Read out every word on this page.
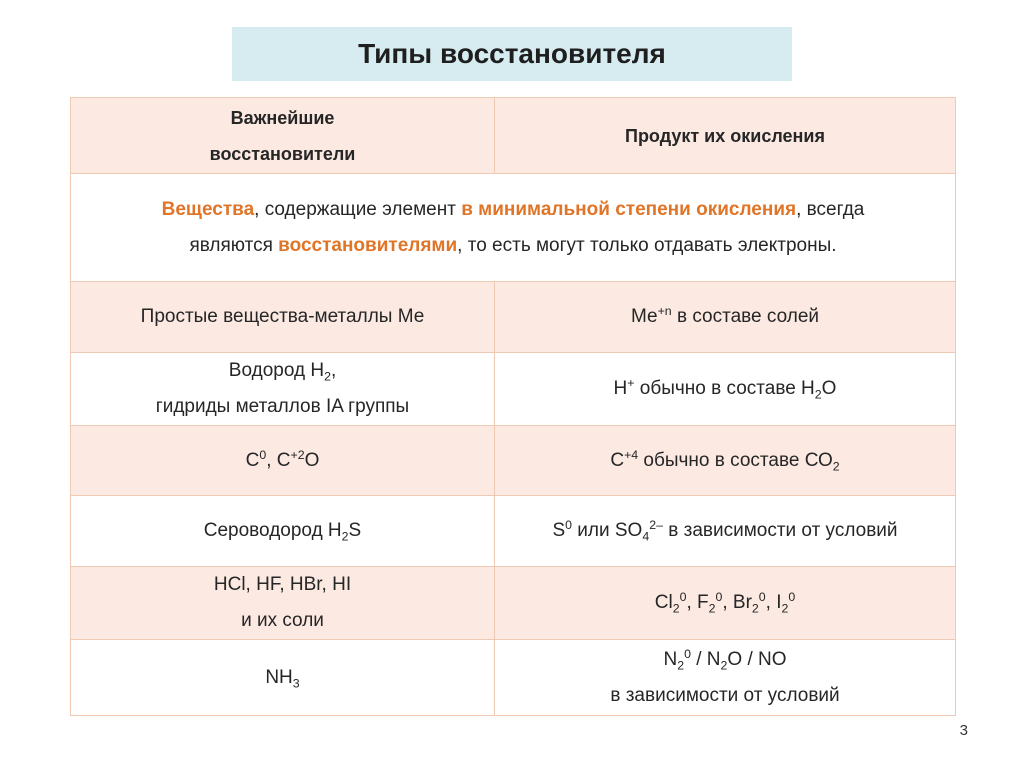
Типы восстановителя
Важнейшие
восстановители	Продукт их окисления
Вещества, содержащие элемент в минимальной степени окисления, всегда
являются восстановителями, то есть могут только отдавать электроны.	
Простые вещества-металлы Ме	$Ме^{+n}$ в составе солей
Водород $Н_2$,
гидриды металлов IA группы	Н+ обычно в составе $Н_2О$
$С^0$, $С^{+2}О$	$С^{+4}$ обычно в составе $СО_2$
Сероводород $Н_2S$	$S^0$ или $SO_4^{2-}$ в зависимости от условий
HCl, HF, HBr, HI
и их соли	$Cl_2^0$, $F_2^0$, $Br_2^0$, $I_2^0$
$NH_3$	$N_2^0 / N_2O$ / NO
в зависимости от условий
3
